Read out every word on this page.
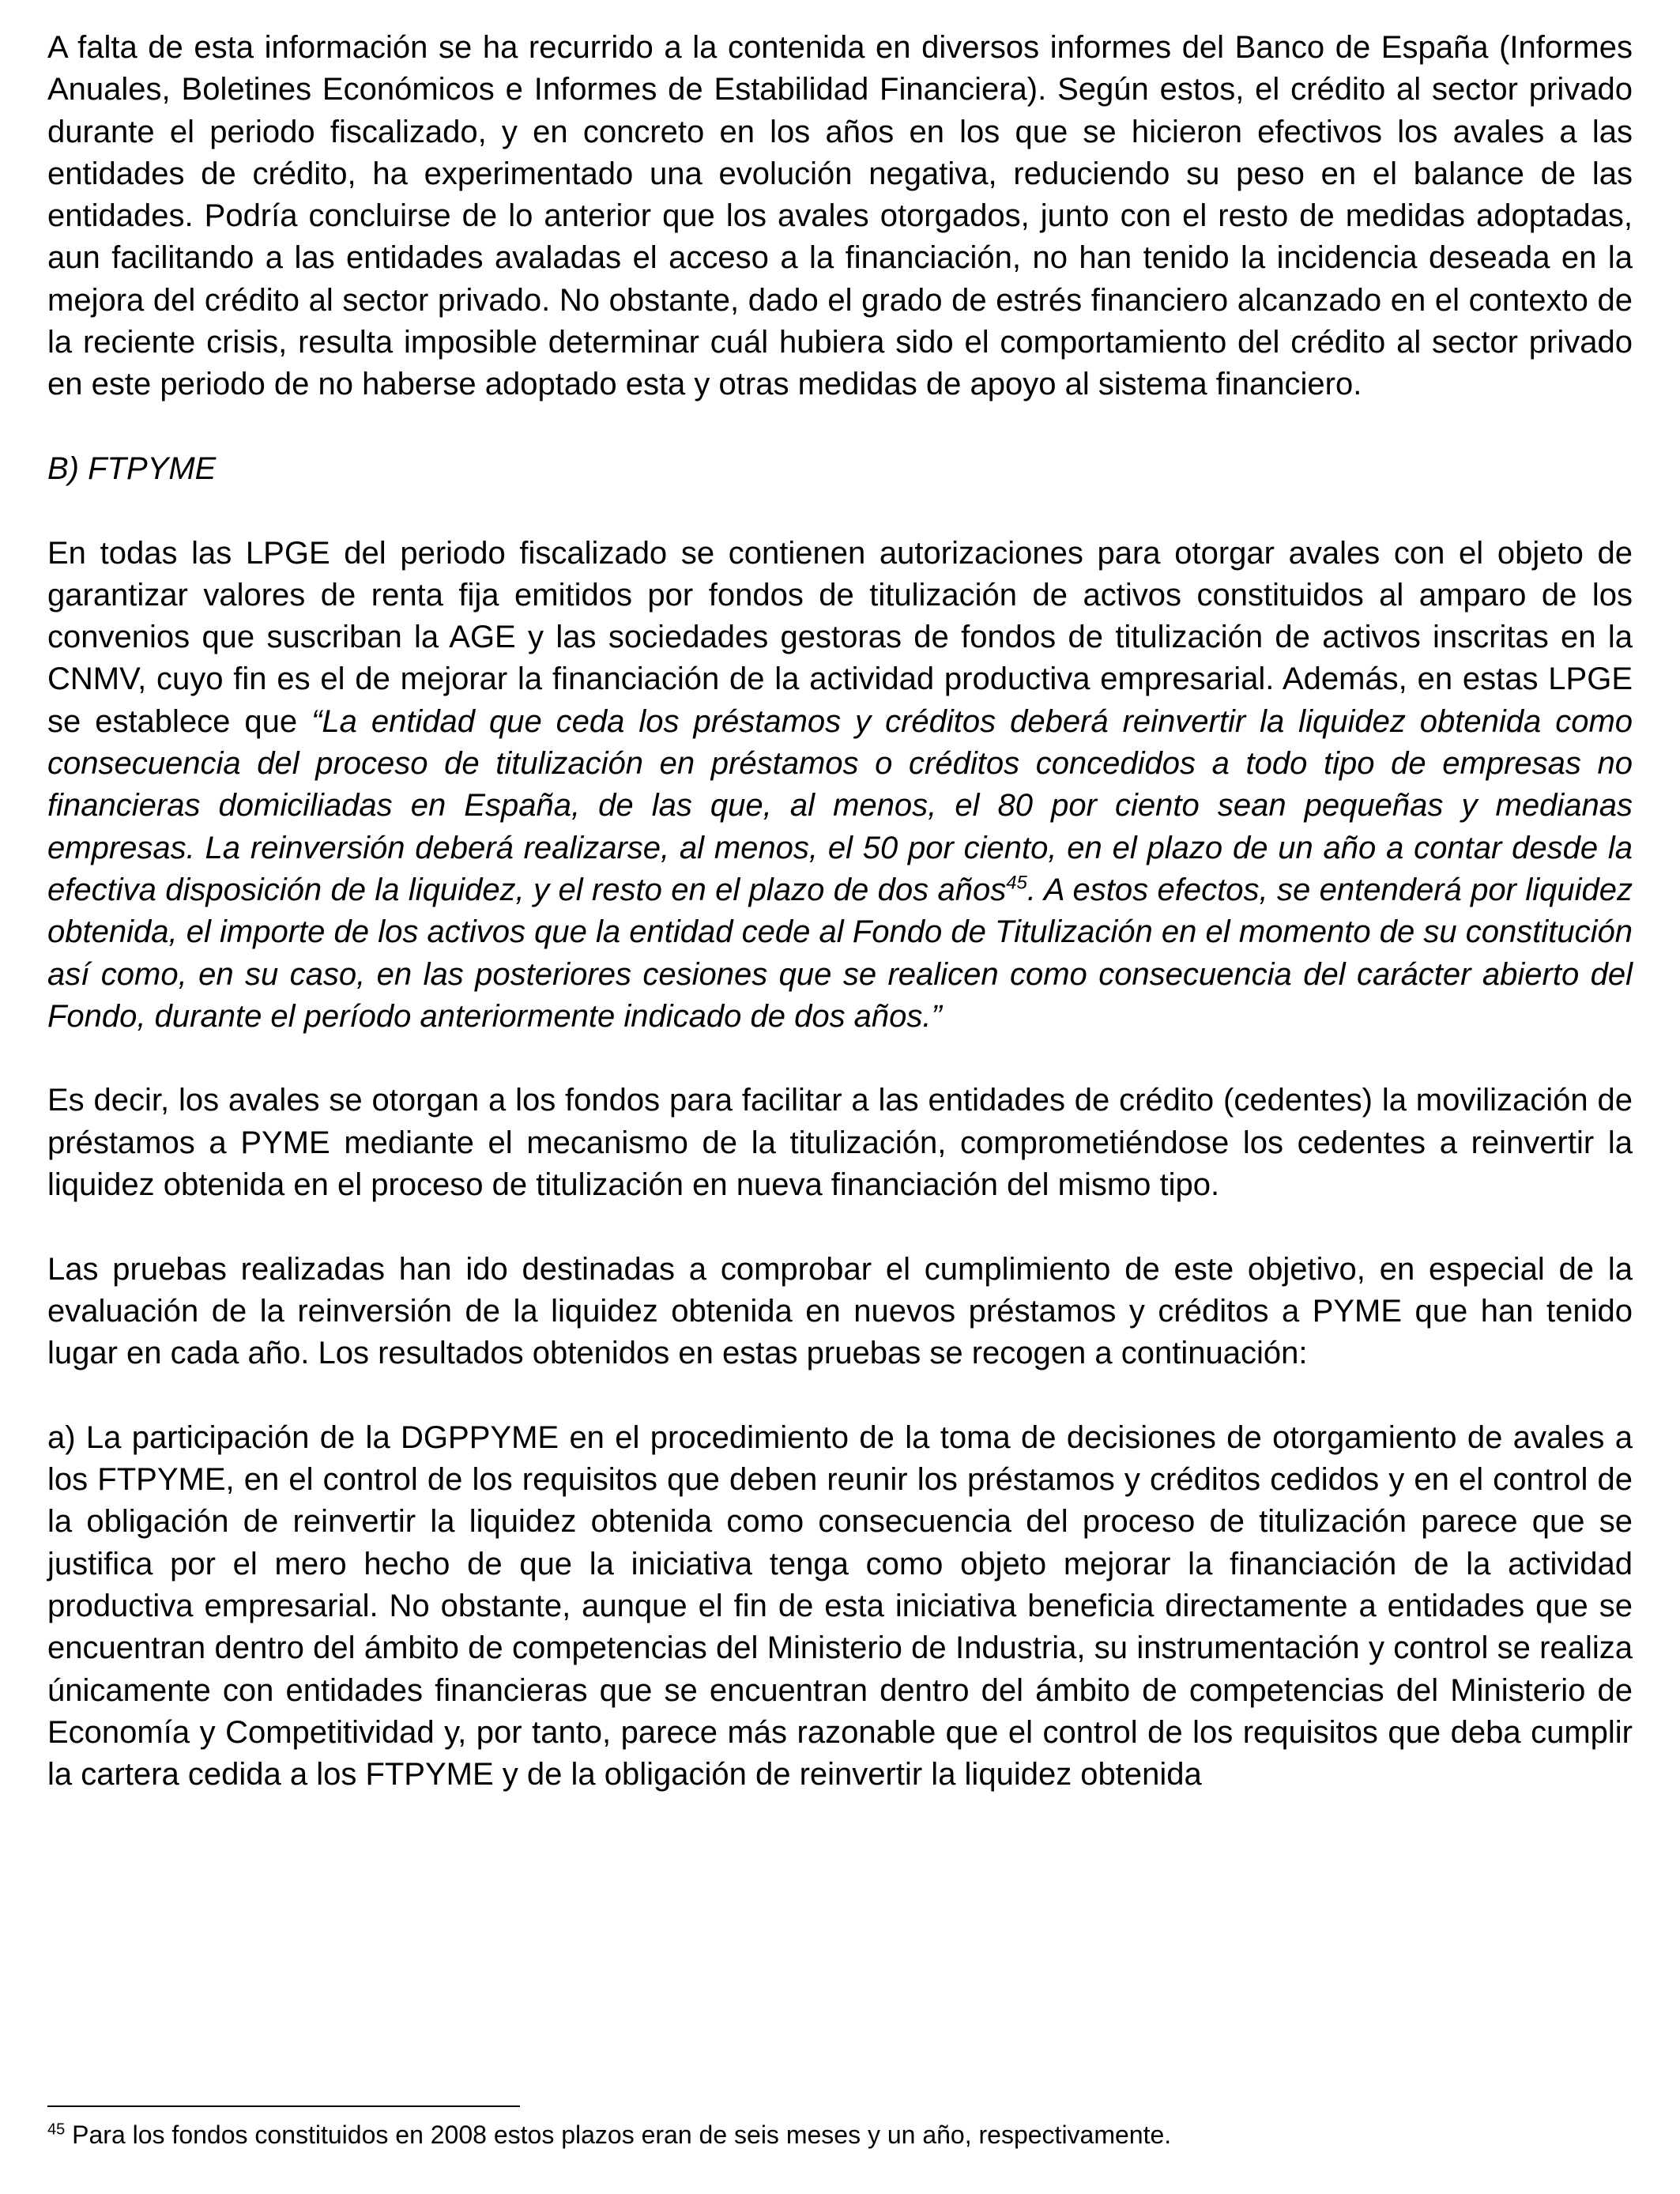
A falta de esta información se ha recurrido a la contenida en diversos informes del Banco de España (Informes Anuales, Boletines Económicos e Informes de Estabilidad Financiera). Según estos, el crédito al sector privado durante el periodo fiscalizado, y en concreto en los años en los que se hicieron efectivos los avales a las entidades de crédito, ha experimentado una evolución negativa, reduciendo su peso en el balance de las entidades. Podría concluirse de lo anterior que los avales otorgados, junto con el resto de medidas adoptadas, aun facilitando a las entidades avaladas el acceso a la financiación, no han tenido la incidencia deseada en la mejora del crédito al sector privado. No obstante, dado el grado de estrés financiero alcanzado en el contexto de la reciente crisis, resulta imposible determinar cuál hubiera sido el comportamiento del crédito al sector privado en este periodo de no haberse adoptado esta y otras medidas de apoyo al sistema financiero.

B) FTPYME

En todas las LPGE del periodo fiscalizado se contienen autorizaciones para otorgar avales con el objeto de garantizar valores de renta fija emitidos por fondos de titulización de activos constituidos al amparo de los convenios que suscriban la AGE y las sociedades gestoras de fondos de titulización de activos inscritas en la CNMV, cuyo fin es el de mejorar la financiación de la actividad productiva empresarial. Además, en estas LPGE se establece que “La entidad que ceda los préstamos y créditos deberá reinvertir la liquidez obtenida como consecuencia del proceso de titulización en préstamos o créditos concedidos a todo tipo de empresas no financieras domiciliadas en España, de las que, al menos, el 80 por ciento sean pequeñas y medianas empresas. La reinversión deberá realizarse, al menos, el 50 por ciento, en el plazo de un año a contar desde la efectiva disposición de la liquidez, y el resto en el plazo de dos años$^{45}$. A estos efectos, se entenderá por liquidez obtenida, el importe de los activos que la entidad cede al Fondo de Titulización en el momento de su constitución así como, en su caso, en las posteriores cesiones que se realicen como consecuencia del carácter abierto del Fondo, durante el período anteriormente indicado de dos años.”

Es decir, los avales se otorgan a los fondos para facilitar a las entidades de crédito (cedentes) la movilización de préstamos a PYME mediante el mecanismo de la titulización, comprometiéndose los cedentes a reinvertir la liquidez obtenida en el proceso de titulización en nueva financiación del mismo tipo.

Las pruebas realizadas han ido destinadas a comprobar el cumplimiento de este objetivo, en especial de la evaluación de la reinversión de la liquidez obtenida en nuevos préstamos y créditos a PYME que han tenido lugar en cada año. Los resultados obtenidos en estas pruebas se recogen a continuación:

a) La participación de la DGPPYME en el procedimiento de la toma de decisiones de otorgamiento de avales a los FTPYME, en el control de los requisitos que deben reunir los préstamos y créditos cedidos y en el control de la obligación de reinvertir la liquidez obtenida como consecuencia del proceso de titulización parece que se justifica por el mero hecho de que la iniciativa tenga como objeto mejorar la financiación de la actividad productiva empresarial. No obstante, aunque el fin de esta iniciativa beneficia directamente a entidades que se encuentran dentro del ámbito de competencias del Ministerio de Industria, su instrumentación y control se realiza únicamente con entidades financieras que se encuentran dentro del ámbito de competencias del Ministerio de Economía y Competitividad y, por tanto, parece más razonable que el control de los requisitos que deba cumplir la cartera cedida a los FTPYME y de la obligación de reinvertir la liquidez obtenida

$^{45}$ Para los fondos constituidos en 2008 estos plazos eran de seis meses y un año, respectivamente.
